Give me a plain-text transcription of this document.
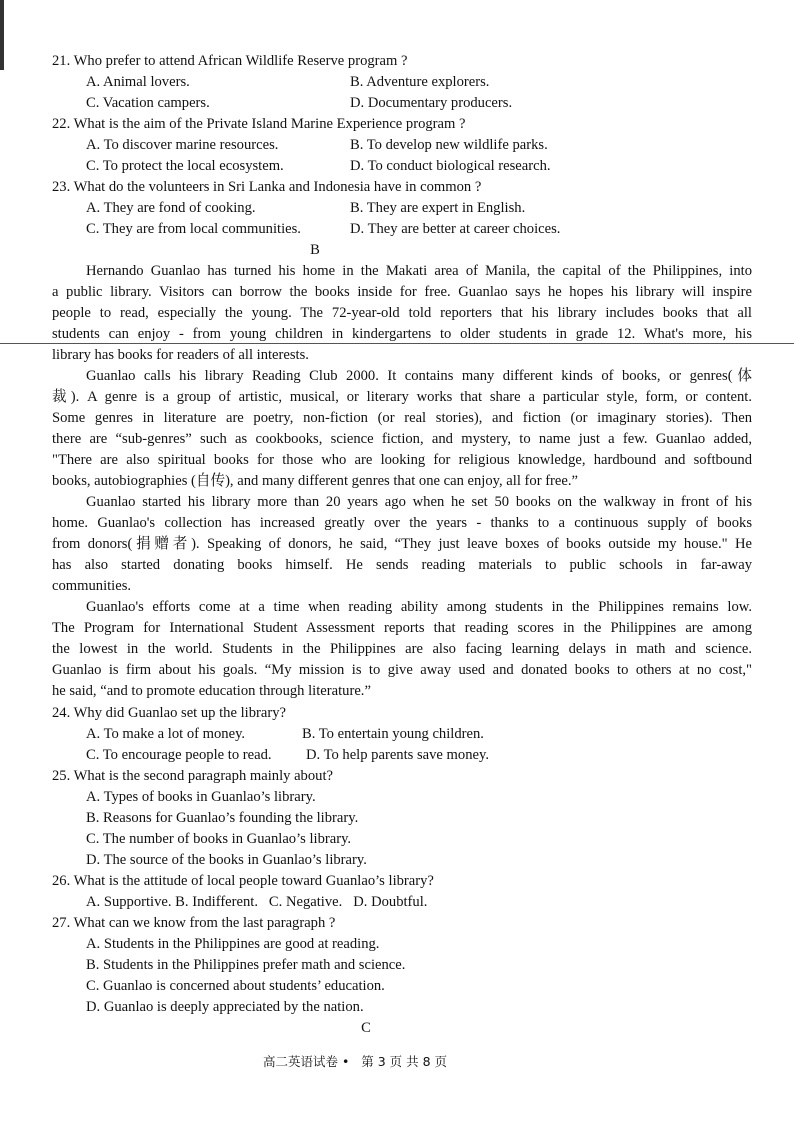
21. Who prefer to attend African Wildlife Reserve program ?
A. Animal lovers.	B. Adventure explorers.
C. Vacation campers.	D. Documentary producers.
22. What is the aim of the Private Island Marine Experience program ?
A. To discover marine resources.	B. To develop new wildlife parks.
C. To protect the local ecosystem.	D. To conduct biological research.
23. What do the volunteers in Sri Lanka and Indonesia have in common ?
A. They are fond of cooking.	B. They are expert in English.
C. They are from local communities.	D. They are better at career choices.
B
Hernando Guanlao has turned his home in the Makati area of Manila, the capital of the Philippines, into
a public library. Visitors can borrow the books inside for free. Guanlao says he hopes his library will inspire
people to read, especially the young. The 72-year-old told reporters that his library includes books that all
students can enjoy - from young children in kindergartens to older students in grade 12. What's more, his
library has books for readers of all interests.
Guanlao calls his library Reading Club 2000. It contains many different kinds of books, or genres(体
裁). A genre is a group of artistic, musical, or literary works that share a particular style, form, or content.
Some genres in literature are poetry, non-fiction (or real stories), and fiction (or imaginary stories). Then
there are “sub-genres” such as cookbooks, science fiction, and mystery, to name just a few. Guanlao added,
"There are also spiritual books for those who are looking for religious knowledge, hardbound and softbound
books, autobiographies (自传), and many different genres that one can enjoy, all for free.”
Guanlao started his library more than 20 years ago when he set 50 books on the walkway in front of his
home. Guanlao's collection has increased greatly over the years - thanks to a continuous supply of books
from donors(捐赠者). Speaking of donors, he said, “They just leave boxes of books outside my house." He
has also started donating books himself. He sends reading materials to public schools in far-away
communities.
Guanlao's efforts come at a time when reading ability among students in the Philippines remains low.
The Program for International Student Assessment reports that reading scores in the Philippines are among
the lowest in the world. Students in the Philippines are also facing learning delays in math and science.
Guanlao is firm about his goals. “My mission is to give away used and donated books to others at no cost,"
he said, “and to promote education through literature.”
24. Why did Guanlao set up the library?
A. To make a lot of money.	B. To entertain young children.
C. To encourage people to read. D. To help parents save money.
25. What is the second paragraph mainly about?
A. Types of books in Guanlao’s library.
B. Reasons for Guanlao’s founding the library.
C. The number of books in Guanlao’s library.
D. The source of the books in Guanlao’s library.
26. What is the attitude of local people toward Guanlao’s library?
A. Supportive. B. Indifferent.   C. Negative.   D. Doubtful.
27. What can we know from the last paragraph ?
A. Students in the Philippines are good at reading.
B. Students in the Philippines prefer math and science.
C. Guanlao is concerned about students’ education.
D. Guanlao is deeply appreciated by the nation.
C
高二英语试卷 •   第 3 页 共 8 页
